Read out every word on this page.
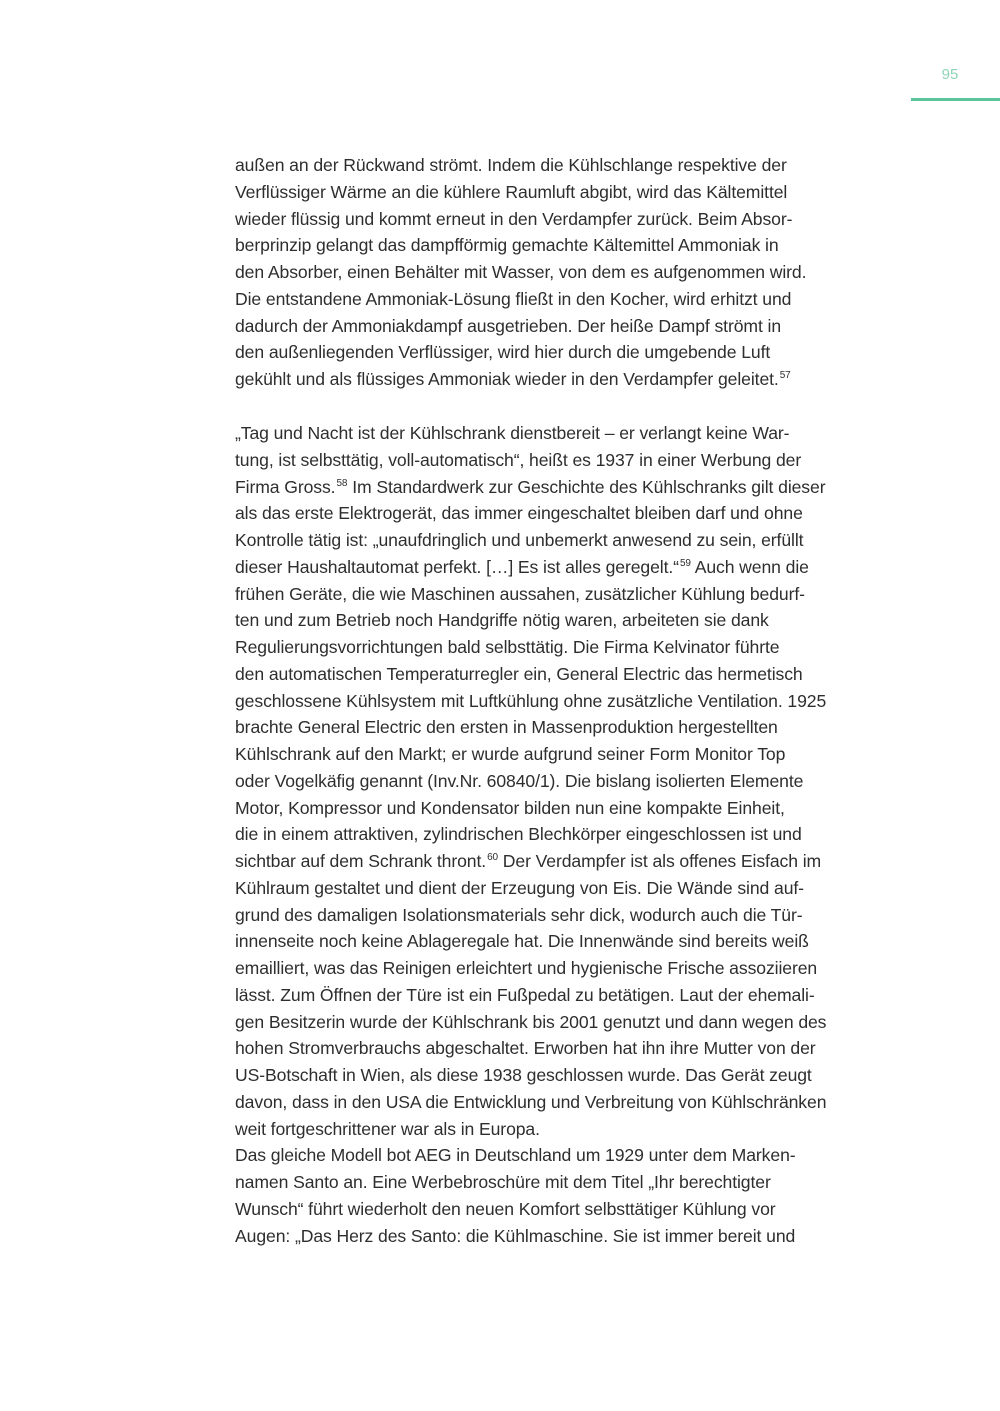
95
außen an der Rückwand strömt. Indem die Kühlschlange respektive der
Verflüssiger Wärme an die kühlere Raumluft abgibt, wird das Kältemittel
wieder flüssig und kommt erneut in den Verdampfer zurück. Beim Absor-
berprinzip gelangt das dampfförmig gemachte Kältemittel Ammoniak in
den Absorber, einen Behälter mit Wasser, von dem es aufgenommen wird.
Die entstandene Ammoniak-Lösung fließt in den Kocher, wird erhitzt und
dadurch der Ammoniakdampf ausgetrieben. Der heiße Dampf strömt in
den außenliegenden Verflüssiger, wird hier durch die umgebende Luft
gekühlt und als flüssiges Ammoniak wieder in den Verdampfer geleitet.$^{57}$
„Tag und Nacht ist der Kühlschrank dienstbereit – er verlangt keine War-
tung, ist selbsttätig, voll-automatisch“, heißt es 1937 in einer Werbung der
Firma Gross.$^{58}$ Im Standardwerk zur Geschichte des Kühlschranks gilt dieser
als das erste Elektrogerät, das immer eingeschaltet bleiben darf und ohne
Kontrolle tätig ist: „unaufdringlich und unbemerkt anwesend zu sein, erfüllt
dieser Haushaltautomat perfekt. […] Es ist alles geregelt.“$^{59}$ Auch wenn die
frühen Geräte, die wie Maschinen aussahen, zusätzlicher Kühlung bedurf-
ten und zum Betrieb noch Handgriffe nötig waren, arbeiteten sie dank
Regulierungsvorrichtungen bald selbsttätig. Die Firma Kelvinator führte
den automatischen Temperaturregler ein, General Electric das hermetisch
geschlossene Kühlsystem mit Luftkühlung ohne zusätzliche Ventilation. 1925
brachte General Electric den ersten in Massenproduktion hergestellten
Kühlschrank auf den Markt; er wurde aufgrund seiner Form Monitor Top
oder Vogelkäfig genannt (Inv.Nr. 60840/1). Die bislang isolierten Elemente
Motor, Kompressor und Kondensator bilden nun eine kompakte Einheit,
die in einem attraktiven, zylindrischen Blechkörper eingeschlossen ist und
sichtbar auf dem Schrank thront.$^{60}$ Der Verdampfer ist als offenes Eisfach im
Kühlraum gestaltet und dient der Erzeugung von Eis. Die Wände sind auf-
grund des damaligen Isolationsmaterials sehr dick, wodurch auch die Tür-
innenseite noch keine Ablageregale hat. Die Innenwände sind bereits weiß
emailliert, was das Reinigen erleichtert und hygienische Frische assoziieren
lässt. Zum Öffnen der Türe ist ein Fußpedal zu betätigen. Laut der ehemali-
gen Besitzerin wurde der Kühlschrank bis 2001 genutzt und dann wegen des
hohen Stromverbrauchs abgeschaltet. Erworben hat ihn ihre Mutter von der
US-Botschaft in Wien, als diese 1938 geschlossen wurde. Das Gerät zeugt
davon, dass in den USA die Entwicklung und Verbreitung von Kühlschränken
weit fortgeschrittener war als in Europa.
Das gleiche Modell bot AEG in Deutschland um 1929 unter dem Marken-
namen Santo an. Eine Werbebroschüre mit dem Titel „Ihr berechtigter
Wunsch“ führt wiederholt den neuen Komfort selbsttätiger Kühlung vor
Augen: „Das Herz des Santo: die Kühlmaschine. Sie ist immer bereit und
